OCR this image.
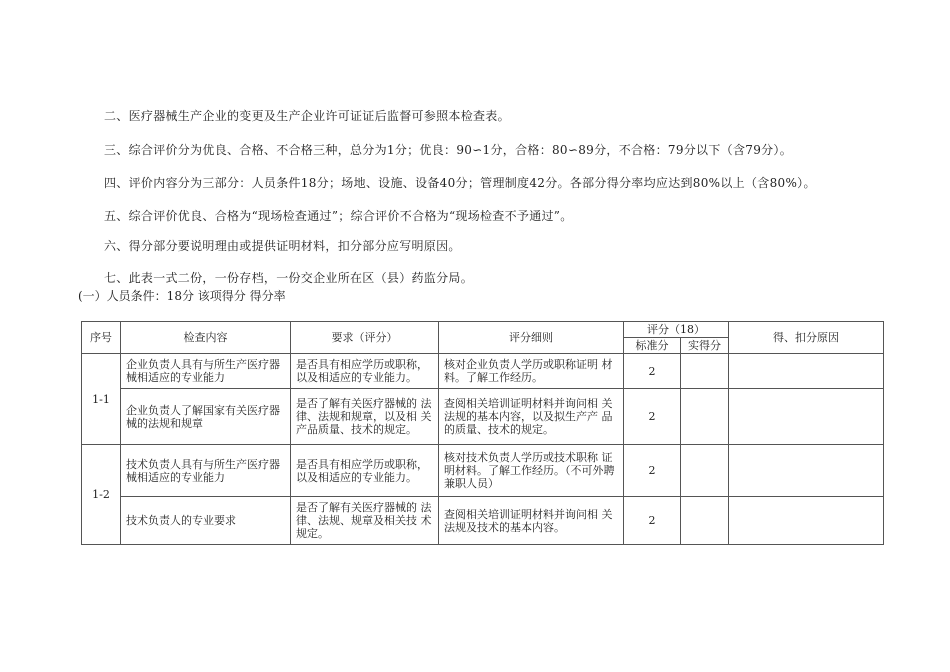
二、医疗器械生产企业的变更及生产企业许可证证后监督可参照本检查表。
三、综合评价分为优良、合格、不合格三种，总分为1分；优良：90∽1分，合格：80∽89分，不合格：79分以下（含79分）。
四、评价内容分为三部分：人员条件18分；场地、设施、设备40分；管理制度42分。各部分得分率均应达到80%以上（含80%）。
五、综合评价优良、合格为“现场检查通过”；综合评价不合格为“现场检查不予通过”。
六、得分部分要说明理由或提供证明材料，扣分部分应写明原因。
七、此表一式二份，一份存档，一份交企业所在区（县）药监分局。
(一）人员条件：18分 该项得分 得分率
序号	检查内容	要求（评分）	评分细则	评分（18）		得、扣分原因
				标准分	实得分	
1-1	企业负责人具有与所生产医疗器械相适应的专业能力	是否具有相应学历或职称，以及相适应的专业能力。	核对企业负责人学历或职称证明 材料。了解工作经历。	2		
	企业负责人了解国家有关医疗器械的法规和规章	是否了解有关医疗器械的 法律、法规和规章，以及相 关产品质量、技术的规定。	查阅相关培训证明材料并询问相 关法规的基本内容，以及拟生产产 品的质量、技术的规定。	2		
1-2	技术负责人具有与所生产医疗器械相适应的专业能力	是否具有相应学历或职称，以及相适应的专业能力。	核对技术负责人学历或技术职称 证明材料。了解工作经历。（不可外聘兼职人员）	2		
	技术负责人的专业要求	是否了解有关医疗器械的 法律、法规、规章及相关技 术规定。	查阅相关培训证明材料并询问相 关法规及技术的基本内容。	2		
